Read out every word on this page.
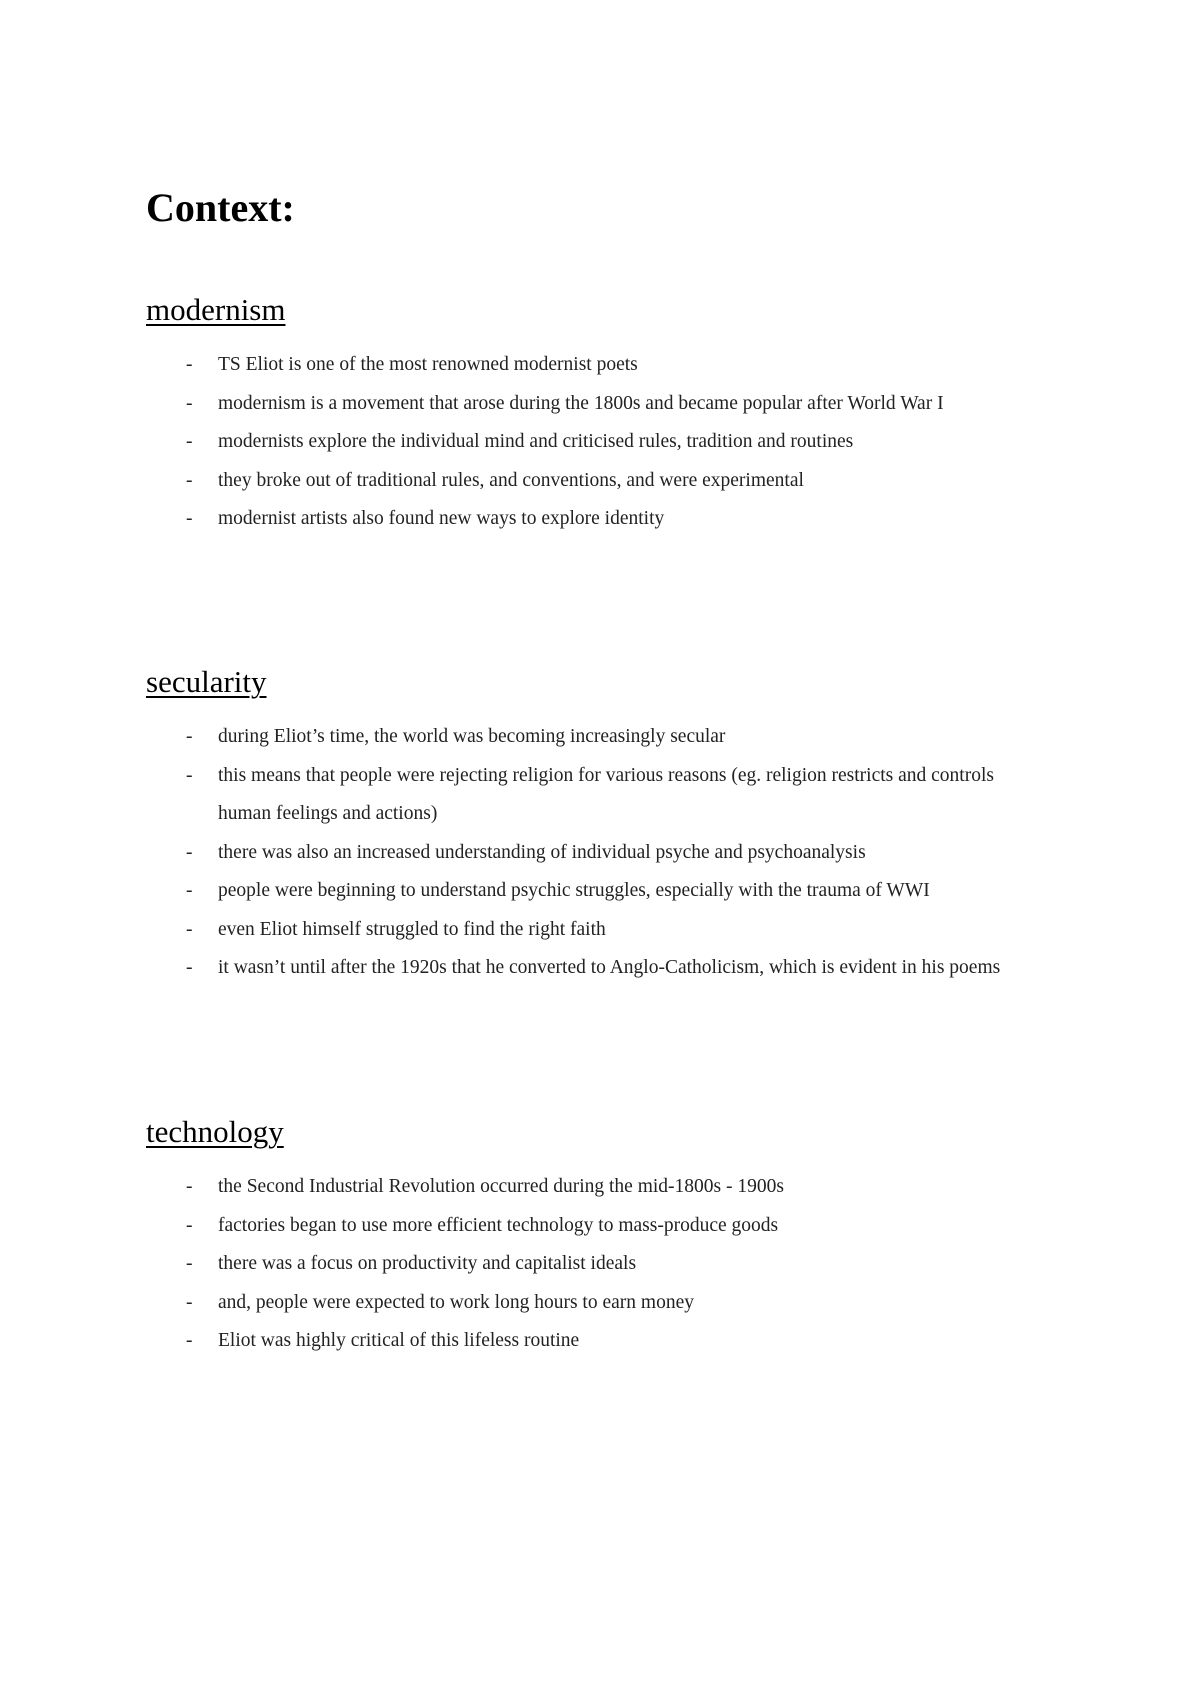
Context:
modernism
- TS Eliot is one of the most renowned modernist poets
- modernism is a movement that arose during the 1800s and became popular after World War I
- modernists explore the individual mind and criticised rules, tradition and routines
- they broke out of traditional rules, and conventions, and were experimental
- modernist artists also found new ways to explore identity
secularity
- during Eliot’s time, the world was becoming increasingly secular
- this means that people were rejecting religion for various reasons (eg. religion restricts and controls human feelings and actions)
- there was also an increased understanding of individual psyche and psychoanalysis
- people were beginning to understand psychic struggles, especially with the trauma of WWI
- even Eliot himself struggled to find the right faith
- it wasn’t until after the 1920s that he converted to Anglo-Catholicism, which is evident in his poems
technology
- the Second Industrial Revolution occurred during the mid-1800s - 1900s
- factories began to use more efficient technology to mass-produce goods
- there was a focus on productivity and capitalist ideals
- and, people were expected to work long hours to earn money
- Eliot was highly critical of this lifeless routine
